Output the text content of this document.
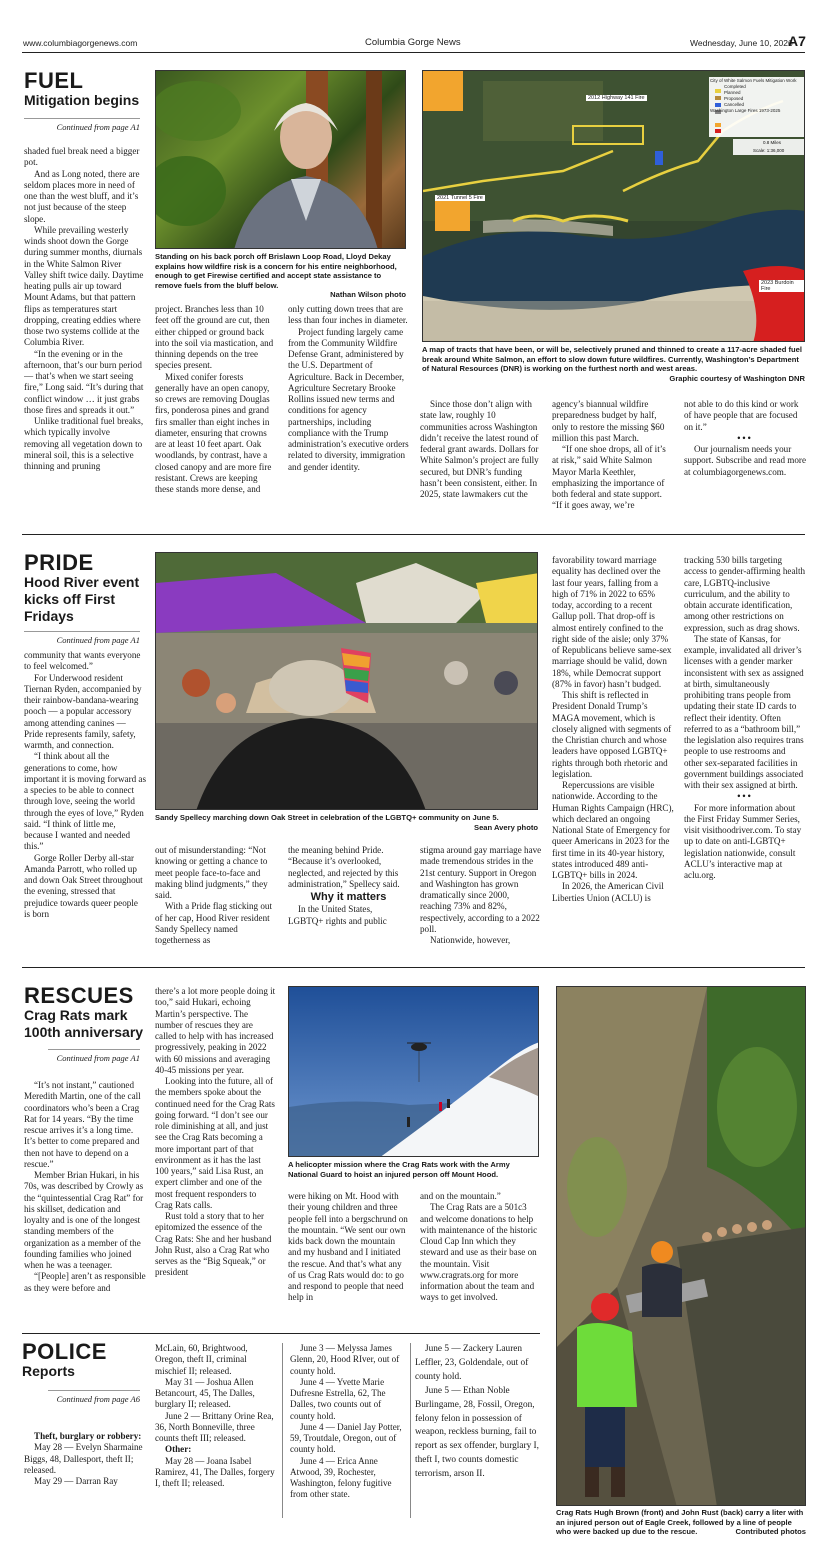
www.columbiagorgenews.com	Columbia Gorge News	Wednesday, June 10, 2026
A7
FUEL
Mitigation begins
Continued from page A1

shaded fuel break need a bigger pot.

And as Long noted, there are seldom places more in need of one than the west bluff, and it’s not just because of the steep slope.

While prevailing westerly winds shoot down the Gorge during summer months, diurnals in the White Salmon River Valley shift twice daily. Daytime heating pulls air up toward Mount Adams, but that pattern flips as temperatures start dropping, creating eddies where those two systems collide at the Columbia River.

“In the evening or in the afternoon, that’s our burn period — that’s when we start seeing fire,” Long said. “It’s during that conflict window … it just grabs those fires and spreads it out.”

Unlike traditional fuel breaks, which typically involve removing all vegetation down to mineral soil, this is a selective thinning and pruning

Standing on his back porch off Brislawn Loop Road, Lloyd Dekay explains how wildfire risk is a concern for his entire neighborhood, enough to get Firewise certified and accept state assistance to remove fuels from the bluff below.
Nathan Wilson photo
2012 Highway 141 Fire
2021 Tunnel 5 Fire
2023 Burdoin Fire
City of White Salmon Fuels Mitigation Work
Completed
Planned
Proposed
Cancelled
Washington Large Fires 1973-2025
0.8 Miles
Scale: 1:36,000
A map of tracts that have been, or will be, selectively pruned and thinned to create a 117-acre shaded fuel break around White Salmon, an effort to slow down future wildfires. Currently, Washington’s Department of Natural Resources (DNR) is working on the furthest north and west areas.
Graphic courtesy of Washington DNR

project. Branches less than 10 feet off the ground are cut, then either chipped or ground back into the soil via mastication, and thinning depends on the tree species present.

Mixed conifer forests generally have an open canopy, so crews are removing Douglas firs, ponderosa pines and grand firs smaller than eight inches in diameter, ensuring that crowns are at least 10 feet apart. Oak woodlands, by contrast, have a closed canopy and are more fire resistant. Crews are keeping these stands more dense, and

only cutting down trees that are less than four inches in diameter.

Project funding largely came from the Community Wildfire Defense Grant, administered by the U.S. Department of Agriculture. Back in December, Agriculture Secretary Brooke Rollins issued new terms and conditions for agency partnerships, including compliance with the Trump administration’s executive orders related to diversity, immigration and gender identity.

Since those don’t align with state law, roughly 10 communities across Washington didn’t receive the latest round of federal grant awards. Dollars for White Salmon’s project are fully secured, but DNR’s funding hasn’t been consistent, either. In 2025, state lawmakers cut the

agency’s biannual wildfire preparedness budget by half, only to restore the missing $60 million this past March.

“If one shoe drops, all of it’s at risk,” said White Salmon Mayor Marla Keethler, emphasizing the importance of both federal and state support. “If it goes away, we’re

not able to do this kind or work of have people that are focused on it.”

•••

Our journalism needs your support. Subscribe and read more at columbiagorgenews.com.

PRIDE
Hood River event kicks off First Fridays
Continued from page A1

community that wants everyone to feel welcomed.”

For Underwood resident Tiernan Ryden, accompanied by their rainbow-bandana-wearing pooch — a popular accessory among attending canines — Pride represents family, safety, warmth, and connection.

“I think about all the generations to come, how important it is moving forward as a species to be able to connect through love, seeing the world through the eyes of love,” Ryden said. “I think of little me, because I wanted and needed this.”

Gorge Roller Derby all-star Amanda Parrott, who rolled up and down Oak Street throughout the evening, stressed that prejudice towards queer people is born

Sandy Spellecy marching down Oak Street in celebration of the LGBTQ+ community on June 5.
Sean Avery photo

out of misunderstanding: “Not knowing or getting a chance to meet people face-to-face and making blind judgments,” they said.

With a Pride flag sticking out of her cap, Hood River resident Sandy Spellecy named togetherness as

the meaning behind Pride. “Because it’s overlooked, neglected, and rejected by this administration,” Spellecy said.

Why it matters

In the United States, LGBTQ+ rights and public

stigma around gay marriage have made tremendous strides in the 21st century. Support in Oregon and Washington has grown dramatically since 2000, reaching 73% and 82%, respectively, according to a 2022 poll.

Nationwide, however,

favorability toward marriage equality has declined over the last four years, falling from a high of 71% in 2022 to 65% today, according to a recent Gallup poll. That drop-off is almost entirely confined to the right side of the aisle; only 37% of Republicans believe same-sex marriage should be valid, down 18%, while Democrat support (87% in favor) hasn’t budged.

This shift is reflected in President Donald Trump’s MAGA movement, which is closely aligned with segments of the Christian church and whose leaders have opposed LGBTQ+ rights through both rhetoric and legislation.

Repercussions are visible nationwide. According to the Human Rights Campaign (HRC), which declared an ongoing National State of Emergency for queer Americans in 2023 for the first time in its 40-year history, states introduced 489 anti-LGBTQ+ bills in 2024.

In 2026, the American Civil Liberties Union (ACLU) is

tracking 530 bills targeting access to gender-affirming health care, LGBTQ-inclusive curriculum, and the ability to obtain accurate identification, among other restrictions on expression, such as drag shows.

The state of Kansas, for example, invalidated all driver’s licenses with a gender marker inconsistent with sex as assigned at birth, simultaneously prohibiting trans people from updating their state ID cards to reflect their identity. Often referred to as a “bathroom bill,” the legislation also requires trans people to use restrooms and other sex-separated facilities in government buildings associated with their sex assigned at birth.

•••

For more information about the First Friday Summer Series, visit visithoodriver.com. To stay up to date on anti-LGBTQ+ legislation nationwide, consult ACLU’s interactive map at aclu.org.

RESCUES
Crag Rats mark 100th anniversary
Continued from page A1

“It’s not instant,” cautioned Meredith Martin, one of the call coordinators who’s been a Crag Rat for 14 years. “By the time rescue arrives it’s a long time. It’s better to come prepared and then not have to depend on a rescue.”

Member Brian Hukari, in his 70s, was described by Crowly as the “quintessential Crag Rat” for his skillset, dedication and loyalty and is one of the longest standing members of the organization as a member of the founding families who joined when he was a teenager.

“[People] aren’t as responsible as they were before and

there’s a lot more people doing it too,” said Hukari, echoing Martin’s perspective. The number of rescues they are called to help with has increased progressively, peaking in 2022 with 60 missions and averaging 40-45 missions per year.

Looking into the future, all of the members spoke about the continued need for the Crag Rats going forward. “I don’t see our role diminishing at all, and just see the Crag Rats becoming a more important part of that environment as it has the last 100 years,” said Lisa Rust, an expert climber and one of the most frequent responders to Crag Rats calls.

Rust told a story that to her epitomized the essence of the Crag Rats: She and her husband John Rust, also a Crag Rat who serves as the “Big Squeak,” or president

A helicopter mission where the Crag Rats work with the Army National Guard to hoist an injured person off Mount Hood.

were hiking on Mt. Hood with their young children and three people fell into a bergschrund on the mountain. “We sent our own kids back down the mountain and my husband and I initiated the rescue. And that’s what any of us Crag Rats would do: to go and respond to people that need help in

and on the mountain.”

The Crag Rats are a 501c3 and welcome donations to help with maintenance of the historic Cloud Cap Inn which they steward and use as their base on the mountain. Visit www.cragrats.org for more information about the team and ways to get involved.

Crag Rats Hugh Brown (front) and John Rust (back) carry a liter with an injured person out of Eagle Creek, followed by a line of people who were backed up due to the rescue.	Contributed photos
POLICE
Reports
Continued from page A6

Theft, burglary or robbery:

May 28 — Evelyn Sharmaine Biggs, 48, Dallesport, theft II; released.

May 29 — Darran Ray

McLain, 60, Brightwood, Oregon, theft II, criminal mischief II; released.

May 31 — Joshua Allen Betancourt, 45, The Dalles, burglary II; released.

June 2 — Brittany Orine Rea, 36, North Bonneville, three counts theft III; released.

Other:

May 28 — Joana Isabel Ramirez, 41, The Dalles, forgery I, theft II; released.

June 3 — Melyssa James Glenn, 20, Hood RIver, out of county hold.

June 4 — Yvette Marie Dufresne Estrella, 62, The Dalles, two counts out of county hold.

June 4 — Daniel Jay Potter, 59, Troutdale, Oregon, out of county hold.

June 4 — Erica Anne Atwood, 39, Rochester, Washington, felony fugitive from other state.

June 5 — Zackery Lauren Leffler, 23, Goldendale, out of county hold.

June 5 — Ethan Noble Burlingame, 28, Fossil, Oregon, felony felon in possession of weapon, reckless burning, fail to report as sex offender, burglary I, theft I, two counts domestic terrorism, arson II.
